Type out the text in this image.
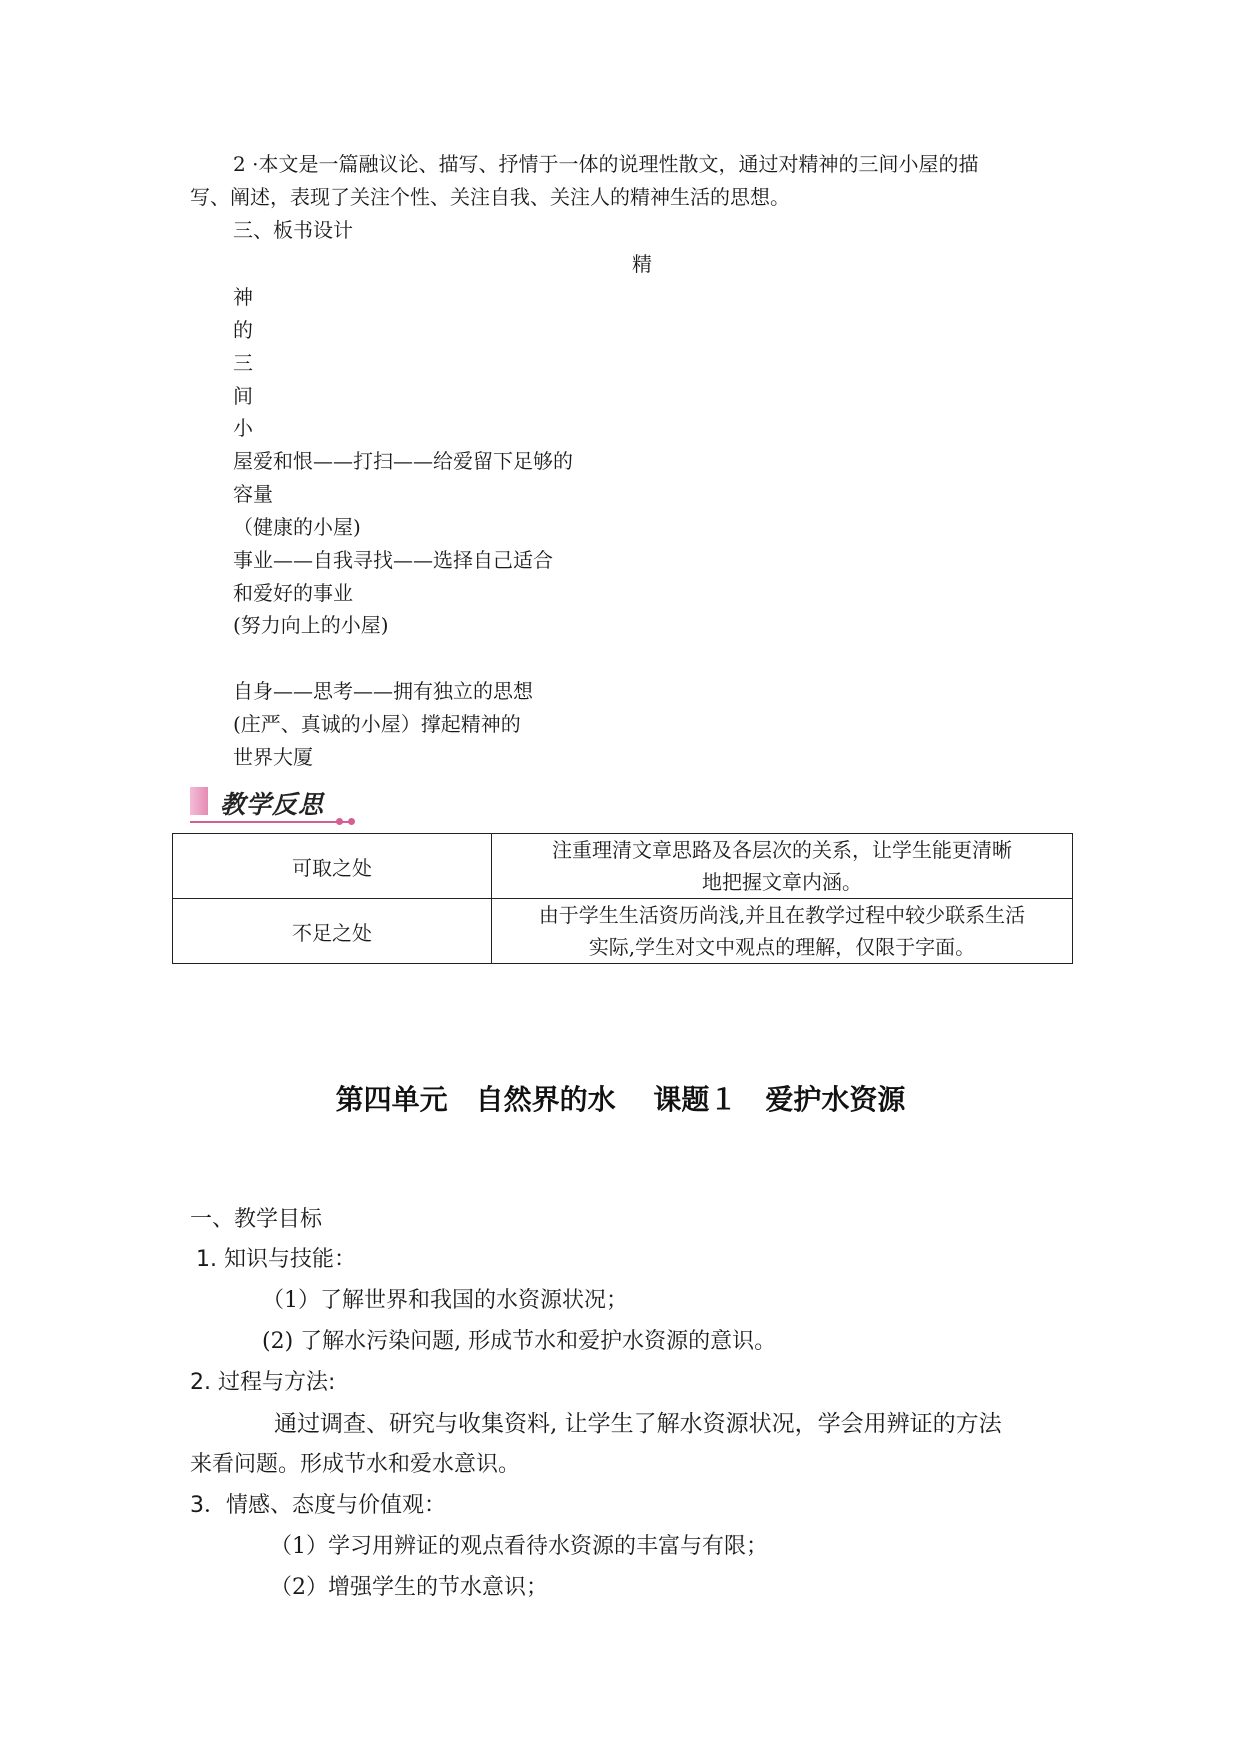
2 ·本文是一篇融议论、描写、抒情于一体的说理性散文，通过对精神的三间小屋的描
写、阐述，表现了关注个性、关注自我、关注人的精神生活的思想。
三、板书设计
精
神
的
三
间
小
屋爱和恨——打扫——给爱留下足够的
容量
（健康的小屋)
事业——自我寻找——选择自己适合
和爱好的事业
(努力向上的小屋)
自身——思考——拥有独立的思想
(庄严、真诚的小屋）撑起精神的
世界大厦
教学反思
可取之处	注重理清文章思路及各层次的关系，让学生能更清晰
地把握文章内涵。

不足之处	由于学生生活资历尚浅,并且在教学过程中较少联系生活
实际,学生对文中观点的理解，仅限于字面。
第四单元　自然界的水　 课题１　爱护水资源
一、教学目标
1. 知识与技能：
（1）了解世界和我国的水资源状况；
(2) 了解水污染问题, 形成节水和爱护水资源的意识。
2. 过程与方法:
通过调查、研究与收集资料, 让学生了解水资源状况，学会用辨证的方法
来看问题。形成节水和爱水意识。
3．情感、态度与价值观：
（1）学习用辨证的观点看待水资源的丰富与有限；
（2）增强学生的节水意识；
